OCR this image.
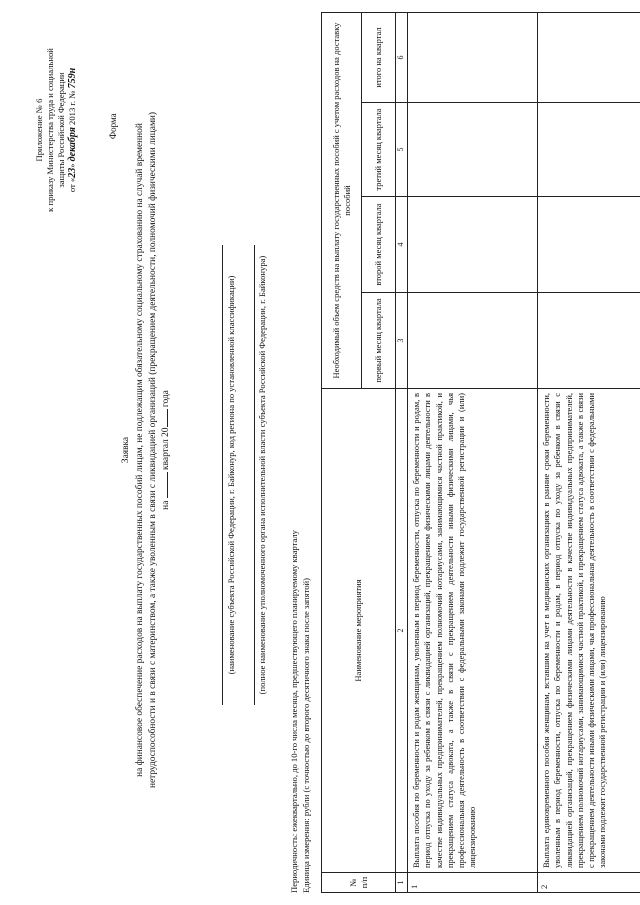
Приложение № 6 к приказу Министерства труда и социальной защиты Российской Федерации от «23» декабря 2013 г. № 759н
Форма
Заявка на финансовое обеспечение расходов на выплату государственных пособий лицам, не подлежащим обязательному социальному страхованию на случай временной нетрудоспособности и в связи с материнством, а также уволенным в связи с ликвидацией организаций (прекращением деятельности, полномочий физическими лицами) на  квартал 20 года	(наименование субъекта Российской Федерации, г. Байконур, код региона по установленной классификации) (полное наименование уполномоченного органа исполнительной власти субъекта Российской Федерации, г. Байконура)
Периодичность: ежеквартально, до 10-го числа месяца, предшествующего планируемому кварталу Единица измерения: рубли (с точностью до второго десятичного знака после запятой)	№ п/п	Наименование мероприятия	Необходимый объем средств на выплату государственных пособий с учетом расходов на доставку пособий			
		первый месяц квартала	второй месяц квартала	третий месяц квартала	итого на квартал
1	2	3	4	5	6
1	Выплата пособия по беременности и родам женщинам, уволенным в период беременности, отпуска по беременности и родам, в период отпуска по уходу за ребенком в связи с ликвидацией организаций, прекращением физическими лицами деятельности в качестве индивидуальных предпринимателей, прекращением полномочий нотариусами, занимающимися частной практикой, и прекращением статуса адвоката, а также в связи с прекращением деятельности иными физическими лицами, чья профессиональная деятельность в соответствии с федеральными законами подлежит государственной регистрации и (или) лицензированию				
2	Выплата единовременного пособия женщинам, вставшим на учет в медицинских организациях в ранние сроки беременности, уволенным в период беременности, отпуска по беременности и родам, в период отпуска по уходу за ребенком в связи с ликвидацией организаций, прекращением физическими лицами деятельности в качестве индивидуальных предпринимателей, прекращением полномочий нотариусами, занимающимися частной практикой, и прекращением статуса адвоката, а также в связи с прекращением деятельности иными физическими лицами, чья профессиональная деятельность в соответствии с федеральными законами подлежит государственной регистрации и (или) лицензированию				
